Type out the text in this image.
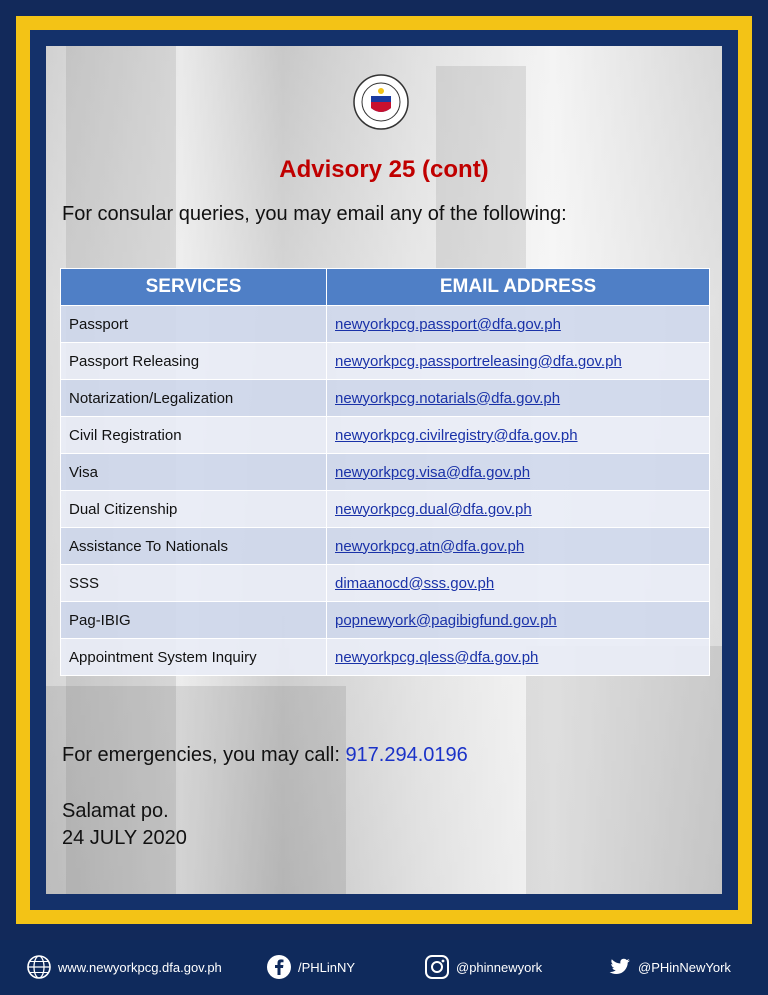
Advisory 25 (cont)
For consular queries, you may email any of the following:
SERVICES	EMAIL ADDRESS
Passport	newyorkpcg.passport@dfa.gov.ph
Passport Releasing	newyorkpcg.passportreleasing@dfa.gov.ph
Notarization/Legalization	newyorkpcg.notarials@dfa.gov.ph
Civil Registration	newyorkpcg.civilregistry@dfa.gov.ph
Visa	newyorkpcg.visa@dfa.gov.ph
Dual Citizenship	newyorkpcg.dual@dfa.gov.ph
Assistance To Nationals	newyorkpcg.atn@dfa.gov.ph
SSS	dimaanocd@sss.gov.ph
Pag-IBIG	popnewyork@pagibigfund.gov.ph
Appointment System Inquiry	newyorkpcg.qless@dfa.gov.ph
For emergencies, you may call: 917.294.0196
Salamat po.
24 JULY 2020
www.newyorkpcg.dfa.gov.ph	/PHLinNY	@phinnewyork	@PHinNewYork
